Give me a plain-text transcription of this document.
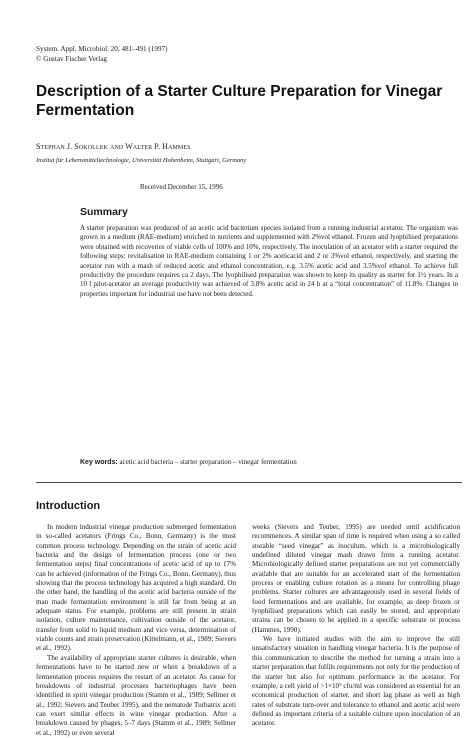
System. Appl. Microbiol. 20, 481–491 (1997)
© Gustav Fischer Verlag
Description of a Starter Culture Preparation for Vinegar Fermentation
Stephan J. Sokollek and Walter P. Hammes
Institut für Lebensmitteltechnologie, Universität Hohenheim, Stuttgart, Germany
Received December 15, 1996
Summary
A starter preparation was produced of an acetic acid bacterium species isolated from a running industrial acetator. The organism was grown in a medium (RAE-medium) enriched in nutrients and supplemented with 2%vol ethanol. Frozen and lyophilised preparations were obtained with recoveries of viable cells of 100% and 10%, respectively. The inoculation of an acetator with a starter required the following steps: revitalisation in RAE-medium containing 1 or 2% aceticacid and 2 or 3%vol ethanol, respectively, and starting the acetator run with a mash of reduced acetic and ethanol concentration, e.g. 3.5% acetic acid and 3.5%vol ethanol. To achieve full productivity the procedure requires ca 2 days. The lyophilised preparation was shown to keep its quality as starter for 1½ years. In a 10 l pilot-acetator an average productivity was achieved of 3.8% acetic acid in 24 h at a “total concentration” of 11.8%. Changes in properties important for industrial use have not been detected.
Key words: acetic acid bacteria – starter preparation – vinegar fermentation
Introduction

In modern industrial vinegar production submerged fermentation in so-called acetators (Frings Co., Bonn, Germany) is the most common process technology. Depending on the strain of acetic acid bacteria and the design of fermentation process (one or two fermentation steps) final concentrations of acetic acid of up to 17% can be achieved (information of the Frings Co., Bonn, Germany), thus showing that the process technology has acquired a high standard. On the other hand, the handling of the acetic acid bacteria outside of the man made fermentation environment is still far from being at an adequate status. For example, problems are still present in strain isolation, culture maintenance, cultivation outside of the acetator, transfer from solid to liquid medium and vice versa, determination of viable counts and strain preservation (Kittelmann, et al., 1989; Sievers et al., 1992).

The availability of appropriate starter cultures is desirable, when fermentations have to be started new or when a breakdown of a fermentation process requires the restart of an acetator. As cause for breakdowns of industrial processes bacteriophages have been identified in spirit vinegar production (Stamm et al., 1989; Sellmer et al., 1992; Sievers and Teuber 1995), and the nematode Turbatrix aceti can exert similar effects in wine vinegar production. After a breakdown caused by phages, 5–7 days (Stamm et al., 1989; Sellmer et al., 1992) or even several

weeks (Sievers and Teuber, 1995) are needed until acidification recommences. A similar span of time is required when using a so called storable “seed vinegar” as inoculum, which is a microbiologically undefined diluted vinegar mash drawn from a running acetator. Microbiologically defined starter preparations are not yet commercially available that are suitable for an accelerated start of the fermentation process or enabling culture rotation as a means for controlling phage problems. Starter cultures are advantageously used in several fields of food fermentations and are available, for example, as deep frozen or lyophilised preparations which can easily be stored, and appropriate strains can be chosen to be applied in a specific substrate or process (Hammes, 1990).

We have initiated studies with the aim to improve the still unsatisfactory situation in handling vinegar bacteria. It is the purpose of this communication to describe the method for turning a strain into a starter preparation that fulfils requirements not only for the production of the starter but also for optimum performance in the acetator. For example, a cell yield of >1×10⁹ cfu/ml was considered as essential for an economical production of starter, and short lag phase as well as high rates of substrate turn-over and tolerance to ethanol and acetic acid were defined as important criteria of a suitable culture upon inoculation of an acetator.
